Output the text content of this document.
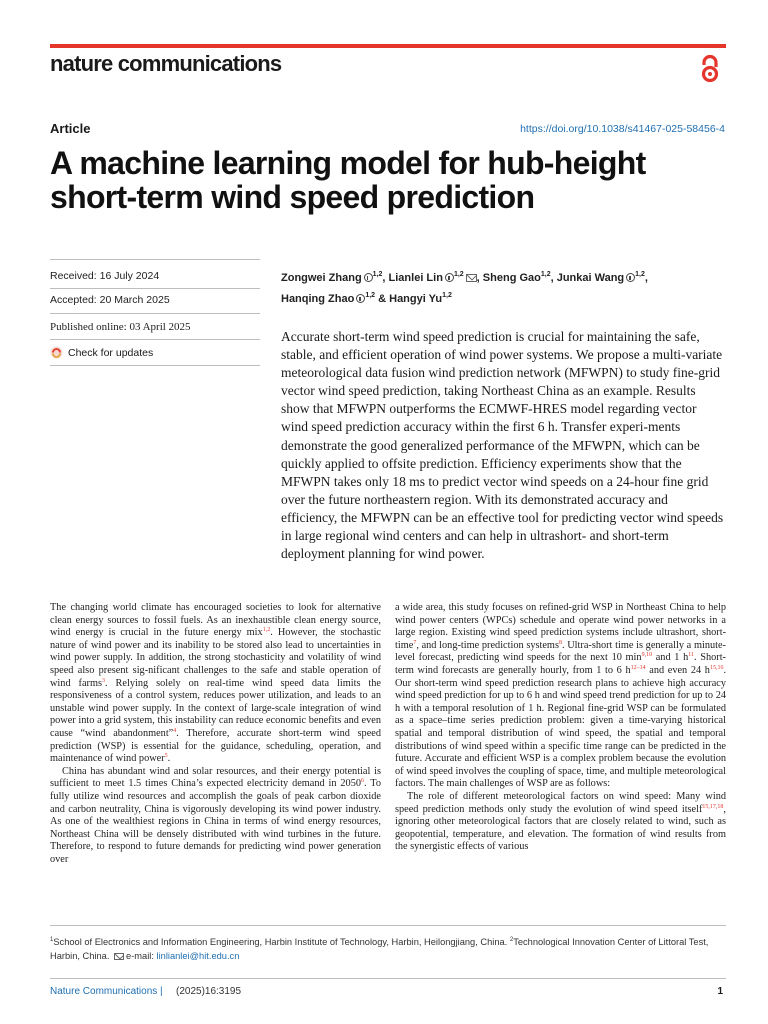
nature communications
Article	https://doi.org/10.1038/s41467-025-58456-4
A machine learning model for hub-height
short-term wind speed prediction
Received: 16 July 2024
Accepted: 20 March 2025
Published online: 03 April 2025
Check for updates
Zongwei Zhang $^{1,2}$, Lianlei Lin $^{1,2}$ , Sheng Gao$^{1,2}$, Junkai Wang $^{1,2}$,
Hanqing Zhao $^{1,2}$ & Hangyi Yu$^{1,2}$

Accurate short-term wind speed prediction is crucial for maintaining the safe, stable, and efficient operation of wind power systems. We propose a multi-variate meteorological data fusion wind prediction network (MFWPN) to study fine-grid vector wind speed prediction, taking Northeast China as an example. Results show that MFWPN outperforms the ECMWF-HRES model regarding vector wind speed prediction accuracy within the first 6 h. Transfer experi-ments demonstrate the good generalized performance of the MFWPN, which can be quickly applied to offsite prediction. Efficiency experiments show that the MFWPN takes only 18 ms to predict vector wind speeds on a 24-hour fine grid over the future northeastern region. With its demonstrated accuracy and efficiency, the MFWPN can be an effective tool for predicting vector wind speeds in large regional wind centers and can help in ultrashort- and short-term deployment planning for wind power.

The changing world climate has encouraged societies to look for alternative clean energy sources to fossil fuels. As an inexhaustible clean energy source, wind energy is crucial in the future energy mix$^{1,2}$. However, the stochastic nature of wind power and its inability to be stored also lead to uncertainties in wind power supply. In addition, the strong stochasticity and volatility of wind speed also present sig-nificant challenges to the safe and stable operation of wind farms$^3$. Relying solely on real-time wind speed data limits the responsiveness of a control system, reduces power utilization, and leads to an unstable wind power supply. In the context of large-scale integration of wind power into a grid system, this instability can reduce economic benefits and even cause “wind abandonment”$^4$. Therefore, accurate short-term wind speed prediction (WSP) is essential for the guidance, scheduling, operation, and maintenance of wind power$^5$.

China has abundant wind and solar resources, and their energy potential is sufficient to meet 1.5 times China’s expected electricity demand in 2050$^6$. To fully utilize wind resources and accomplish the goals of peak carbon dioxide and carbon neutrality, China is vigorously developing its wind power industry. As one of the wealthiest regions in China in terms of wind energy resources, Northeast China will be densely distributed with wind turbines in the future. Therefore, to respond to future demands for predicting wind power generation over

a wide area, this study focuses on refined-grid WSP in Northeast China to help wind power centers (WPCs) schedule and operate wind power networks in a large region. Existing wind speed prediction systems include ultrashort, short-time$^7$, and long-time prediction systems$^8$. Ultra-short time is generally a minute-level forecast, predicting wind speeds for the next 10 $\min^{9,10}$ and 1 $h^{11}$. Short-term wind forecasts are generally hourly, from 1 to 6 $h^{12-14}$ and even 24 $h^{15,16}$. Our short-term wind speed prediction research plans to achieve high accuracy wind speed prediction for up to 6 h and wind speed trend prediction for up to 24 h with a temporal resolution of 1 h. Regional fine-grid WSP can be formulated as a space–time series prediction problem: given a time-varying historical spatial and temporal distribution of wind speed, the spatial and temporal distributions of wind speed within a specific time range can be predicted in the future. Accurate and efficient WSP is a complex problem because the evolution of wind speed involves the coupling of space, time, and multiple meteorological factors. The main challenges of WSP are as follows:

The role of different meteorological factors on wind speed: Many wind speed prediction methods only study the evolution of wind speed itself$^{15,17,18}$, ignoring other meteorological factors that are closely related to wind, such as geopotential, temperature, and elevation. The formation of wind results from the synergistic effects of various

$^1$School of Electronics and Information Engineering, Harbin Institute of Technology, Harbin, Heilongjiang, China. $^2$Technological Innovation Center of Littoral Test, Harbin, China. e-mail: linlianlei@hit.edu.cn
Nature Communications | (2025)16:3195	1
